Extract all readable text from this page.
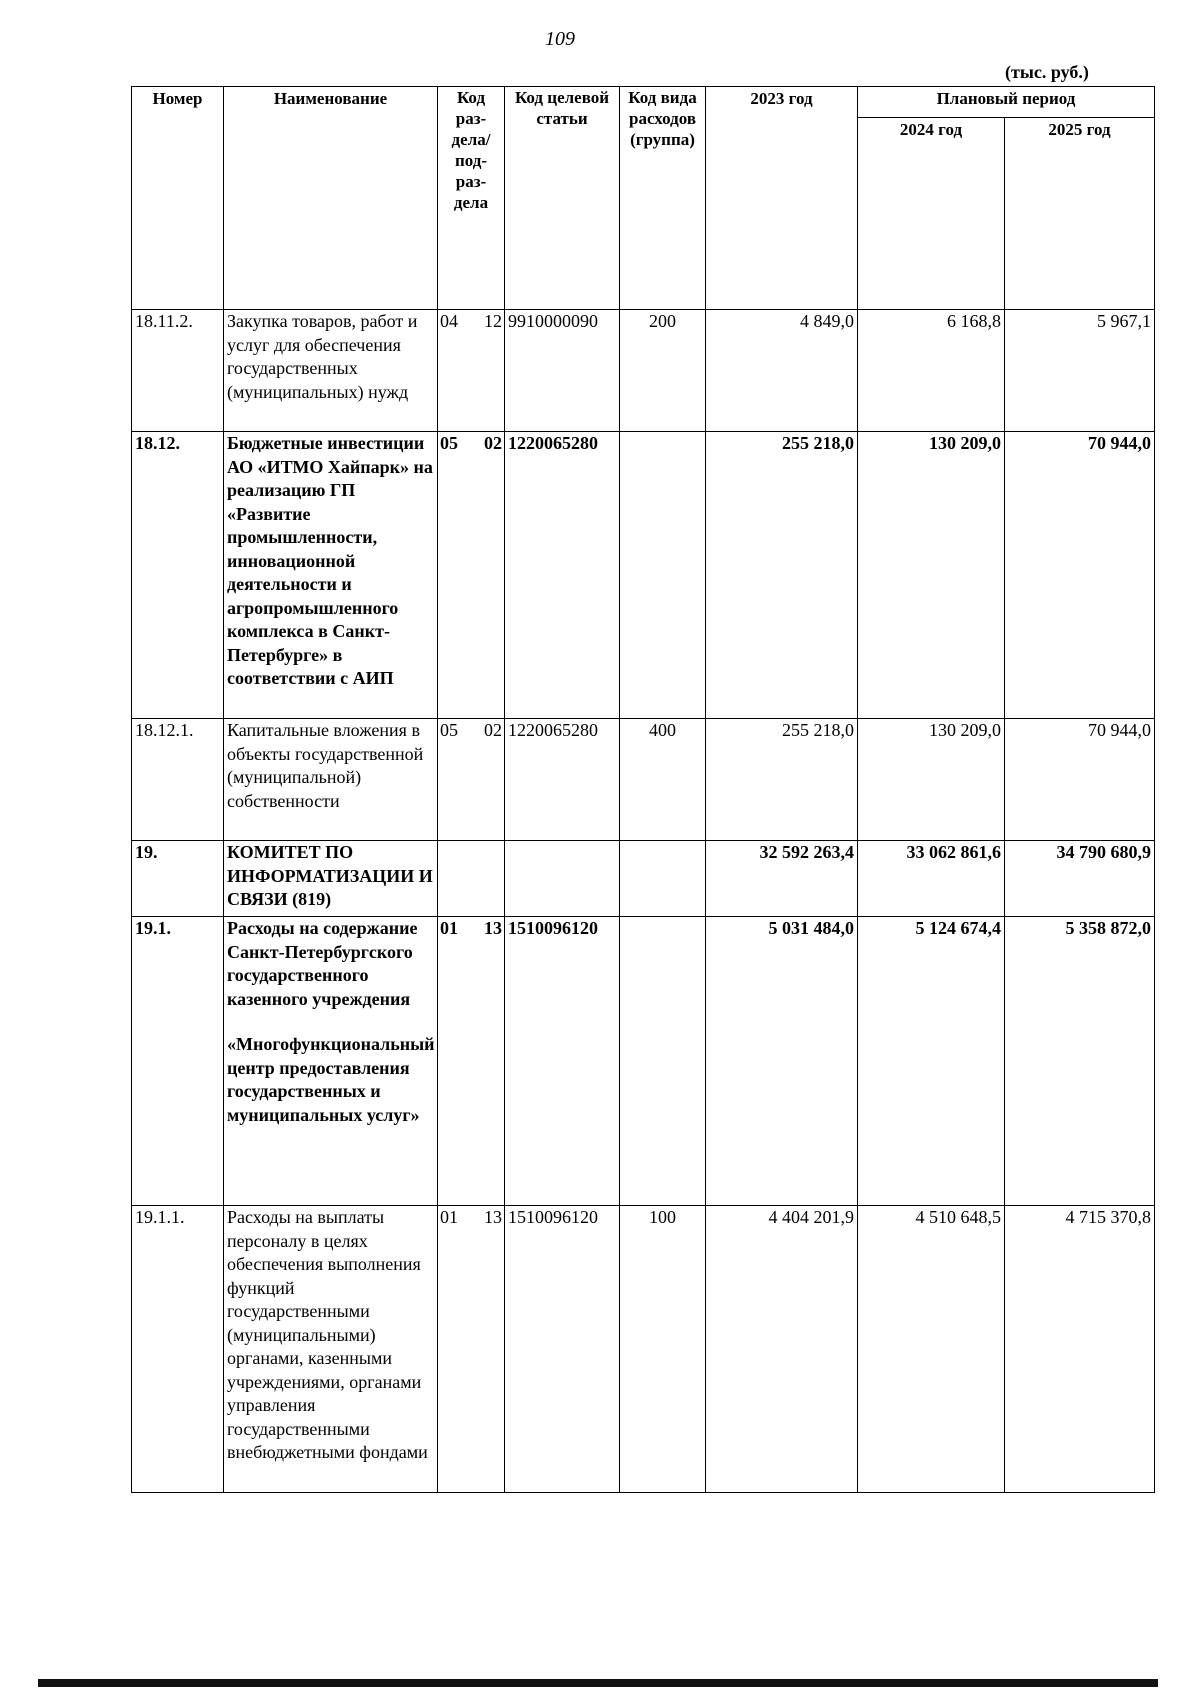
109
(тыс. руб.)
Номер	Наименование	Код раз-дела/ под-раз-дела	Код целевой статьи	Код вида расходов (группа)	2023 год	Плановый период	
						2024 год	2025 год
18.11.2.	Закупка товаров, работ и услуг для обеспечения государственных (муниципальных) нужд	04 12	9910000090	200	4 849,0	6 168,8	5 967,1
18.12.	Бюджетные инвестиции АО «ИТМО Хайпарк» на реализацию ГП «Развитие промышленности, инновационной деятельности и агропромышленного комплекса в Санкт-Петербурге» в соответствии с АИП	05 02	1220065280		255 218,0	130 209,0	70 944,0
18.12.1.	Капитальные вложения в объекты государственной (муниципальной) собственности	05 02	1220065280	400	255 218,0	130 209,0	70 944,0
19.	КОМИТЕТ ПО ИНФОРМАТИЗАЦИИ И СВЯЗИ (819)				32 592 263,4	33 062 861,6	34 790 680,9
19.1.	Расходы на содержание Санкт-Петербургского государственного казенного учреждения
«Многофункциональный центр предоставления государственных и муниципальных услуг»	01 13	1510096120		5 031 484,0	5 124 674,4	5 358 872,0
19.1.1.	Расходы на выплаты персоналу в целях обеспечения выполнения функций государственными (муниципальными) органами, казенными учреждениями, органами управления государственными внебюджетными фондами	01 13	1510096120	100	4 404 201,9	4 510 648,5	4 715 370,8
